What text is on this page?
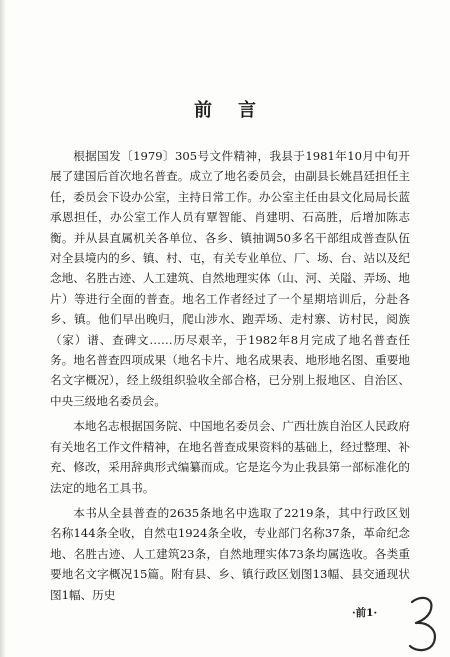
前言

根据国发〔1979〕305号文件精神，我县于1981年10月中旬开展了建国后首次地名普查。成立了地名委员会，由副县长姚昌廷担任主任，委员会下设办公室，主持日常工作。办公室主任由县文化局局长蓝承恩担任，办公室工作人员有覃智能、肖建明、石高胜，后增加陈志衡。并从县直属机关各单位、各乡、镇抽调50多名干部组成普查队伍对全县境内的乡、镇、村、屯，有关专业单位、厂、场、台、站以及纪念地、名胜古迹、人工建筑、自然地理实体（山、河、关隘、弄场、地片）等进行全面的普查。地名工作者经过了一个星期培训后，分赴各乡、镇。他们早出晚归，爬山涉水、跑弄场、走村寨、访村民，阅族（家）谱、查碑文……历尽艰辛，于1982年8月完成了地名普查任务。地名普查四项成果（地名卡片、地名成果表、地形地名图、重要地名文字概况），经上级组织验收全部合格，已分别上报地区、自治区、中央三级地名委员会。

本地名志根据国务院、中国地名委员会、广西壮族自治区人民政府有关地名工作文件精神，在地名普查成果资料的基础上，经过整理、补充、修改，采用辞典形式编纂而成。它是迄今为止我县第一部标准化的法定的地名工具书。

本书从全县普查的2635条地名中选取了2219条，其中行政区划名称144条全收，自然屯1924条全收，专业部门名称37条，革命纪念地、名胜古迹、人工建筑23条，自然地理实体73条均属选收。各类重要地名文字概况15篇。附有县、乡、镇行政区划图13幅、县交通现状图1幅、历史

·前1·
